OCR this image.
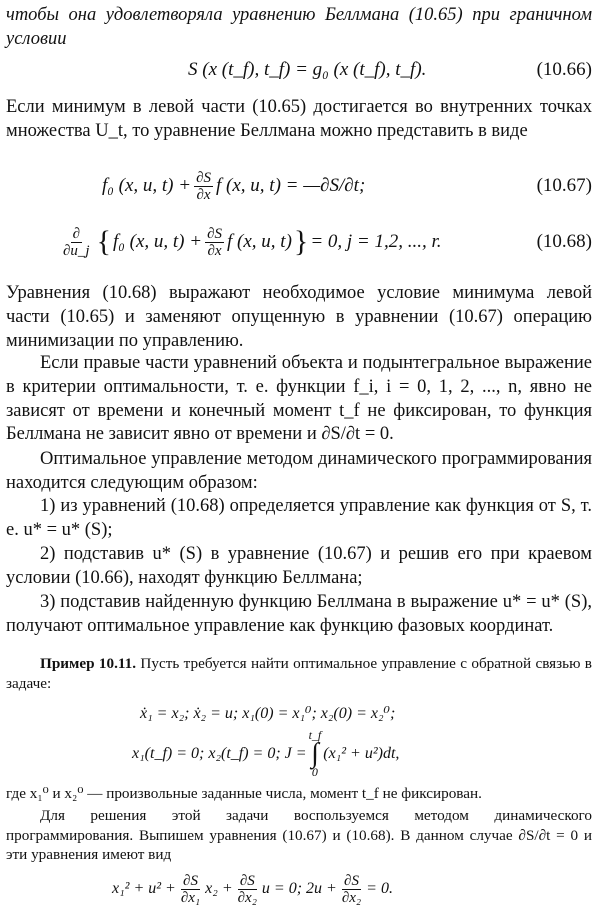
чтобы она удовлетворяла уравнению Беллмана (10.65) при граничном условии
S (x (t_f), t_f) = g₀ (x (t_f), t_f).	(10.66)
Если минимум в левой части (10.65) достигается во внутренних точках множества U_t, то уравнение Беллмана можно представить в виде
f₀ (x, u, $t) + \frac{\partial S}{\partial x}$ f (x, u, t) = —∂S/∂t;	(10.67)
$\frac{\partial}{\partial u\_j}$ { f₀ (x, u, $t) + \frac{\partial S}{\partial x}$ f (x, u, t) } = 0, j = 1,2, ..., r.	(10.68)
Уравнения (10.68) выражают необходимое условие минимума левой части (10.65) и заменяют опущенную в уравнении (10.67) операцию минимизации по управлению.
Если правые части уравнений объекта и подынтегральное выражение в критерии оптимальности, т. е. функции f_i, i = 0, 1, 2, ..., n, явно не зависят от времени и конечный момент t_f не фиксирован, то функция Беллмана не зависит явно от времени и ∂S/∂t = 0.
Оптимальное управление методом динамического программирования находится следующим образом:
1) из уравнений (10.68) определяется управление как функция от S, т. е. u* = u* (S);
2) подставив u* (S) в уравнение (10.67) и решив его при краевом условии (10.66), находят функцию Беллмана;
3) подставив найденную функцию Беллмана в выражение u* = u* (S), получают оптимальное управление как функцию фазовых координат.
Пример 10.11. Пусть требуется найти оптимальное управление с обратной связью в задаче:
ẋ₁ = x₂; ẋ₂ = u; x₁(0) = x₁⁰; x₂(0) = x₂⁰;
x₁(t_f) = 0; x₂(t_f) = 0; J =
t_f
∫
0
(x₁² + u²)dt,
где x₁⁰ и x₂⁰ — произвольные заданные числа, момент t_f не фиксирован.
Для решения этой задачи воспользуемся методом динамического программирования. Выпишем уравнения (10.67) и (10.68). В данном случае ∂S/∂t = 0 и эти уравнения имеют вид
$x_1^2 + u^2 + \frac{\partial S}{\text{∂x₁}} x_2 + \frac{\partial S}{\text{∂x₂}}$ u = 0; $2u + \frac{\partial S}{\text{∂x₂}} = 0$.
